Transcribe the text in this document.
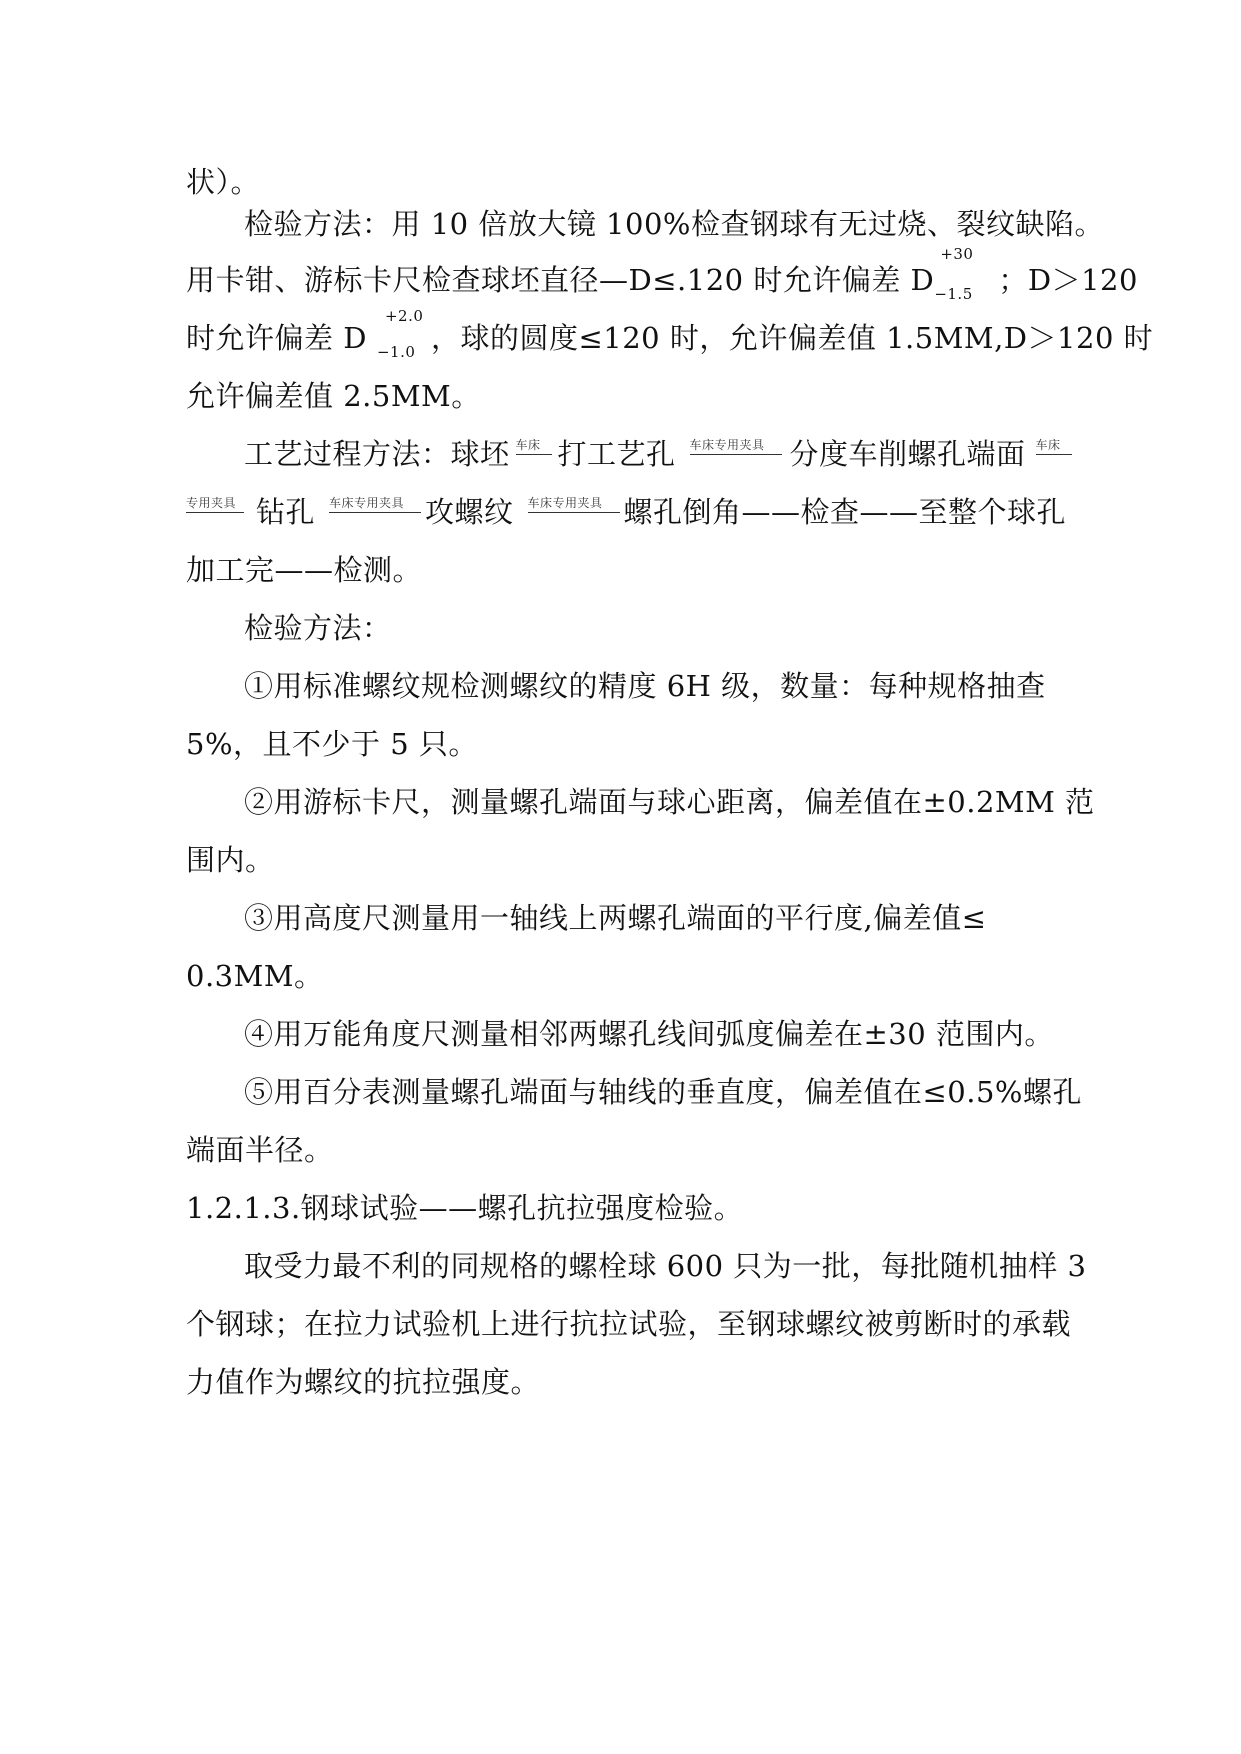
状）。
检验方法：用 10 倍放大镜 100%检查钢球有无过烧、裂纹缺陷。
用卡钳、游标卡尺检查球坯直径—D≤.120 时允许偏差 D
+30
−1.5 ；D＞120
时允许偏差 D
+2.0
−1.0 ，球的圆度≤120 时，允许偏差值 1.5MM,D＞120 时
允许偏差值 2.5MM。
工艺过程方法：球坯 车床 打工艺孔 车床专用夹具 分度车削螺孔端面 车床
专用夹具 钻孔 车床专用夹具 攻螺纹 车床专用夹具 螺孔倒角——检查——至整个球孔
加工完——检测。
检验方法：
①用标准螺纹规检测螺纹的精度 6H 级，数量：每种规格抽查
5%，且不少于 5 只。
②用游标卡尺，测量螺孔端面与球心距离，偏差值在±0.2MM 范
围内。
③用高度尺测量用一轴线上两螺孔端面的平行度,偏差值≤
0.3MM。
④用万能角度尺测量相邻两螺孔线间弧度偏差在±30 范围内。
⑤用百分表测量螺孔端面与轴线的垂直度，偏差值在≤0.5%螺孔
端面半径。
1.2.1.3.钢球试验——螺孔抗拉强度检验。
取受力最不利的同规格的螺栓球 600 只为一批，每批随机抽样 3
个钢球；在拉力试验机上进行抗拉试验，至钢球螺纹被剪断时的承载
力值作为螺纹的抗拉强度。
